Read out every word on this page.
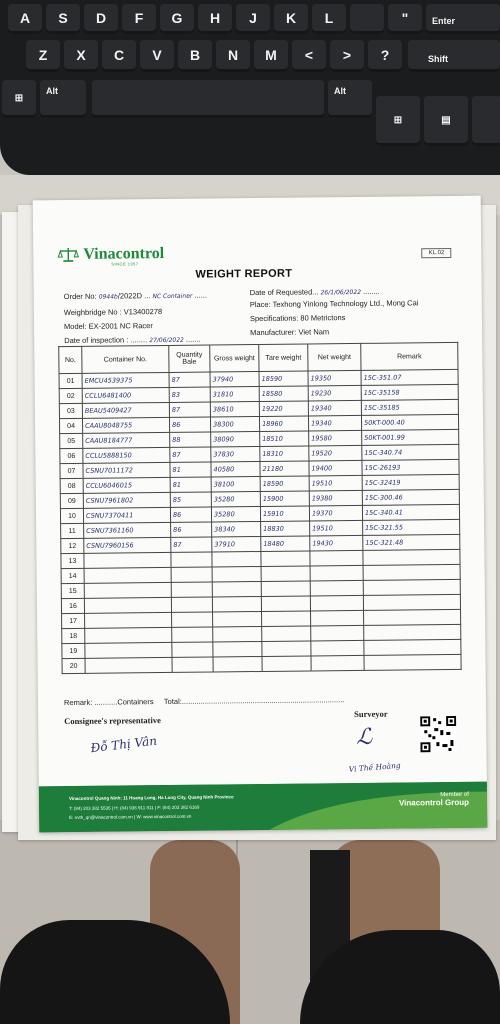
A S D F G H J K L	"	Enter
Z X C V B N M < > ?	Shift
⊞
Alt	Alt
⊞	▤
Vinacontrol
SINCE 1957
KL.02
WEIGHT REPORT
Order No: 0944b/2022D ... NC Container ......	Date of Requested... 26/1/06/2022 ........
Weighbridge No : V13400278
Place: Texhong Yinlong Technology Ltd., Mong Cai
Model: EX-2001 NC Racer
Specifications: 80 Metrictons
Date of inspection : ........ 27/06/2022 .......
Manufacturer: Viet Nam
No.	Container No.	Quantity Bale	Gross weight	Tare weight	Net weight	Remark
01	EMCU4539375	87	37940	18590	19350	15C-351.07
02	CCLU6481400	83	31810	18580	19230	15C-35158
03	BEAU5409427	87	38610	19220	19340	15C-35185
04	CAAU8048755	86	38300	18960	19340	50KT-000.40
05	CAAU8184777	88	38090	18510	19580	50KT-001.99
06	CCLU5888150	87	37830	18310	19520	15C-340.74
07	CSNU7011172	81	40580	21180	19400	15C-26193
08	CCLU6046015	81	38100	18590	19510	15C-32419
09	CSNU7961802	85	35280	15900	19380	15C-300.46
10	CSNU7370411	86	35280	15910	19370	15C-340.41
11	CSNU7361160	86	38340	18830	19510	15C-321.55
12	CSNU7960156	87	37910	18480	19430	15C-321.48
13						
14						
15						
16						
17						
18						
19						
20						
Remark: ...........Containers Total:..............................................................................
Consignee's representative
Surveyor
Đỗ Thị Vân	ℒ
Vi Thế Hoàng
Vinacontrol Quang Ninh: 11 Hoang Long, Ha Long City, Quang Ninh Province
T: (84) 203 382 5535 | H: (84) 936 911 811 | F: (84) 203 382 6169
E: nvth_qn@vinacontrol.com.vn | W: www.vinacontrol.com.vn
Member of
Vinacontrol Group
